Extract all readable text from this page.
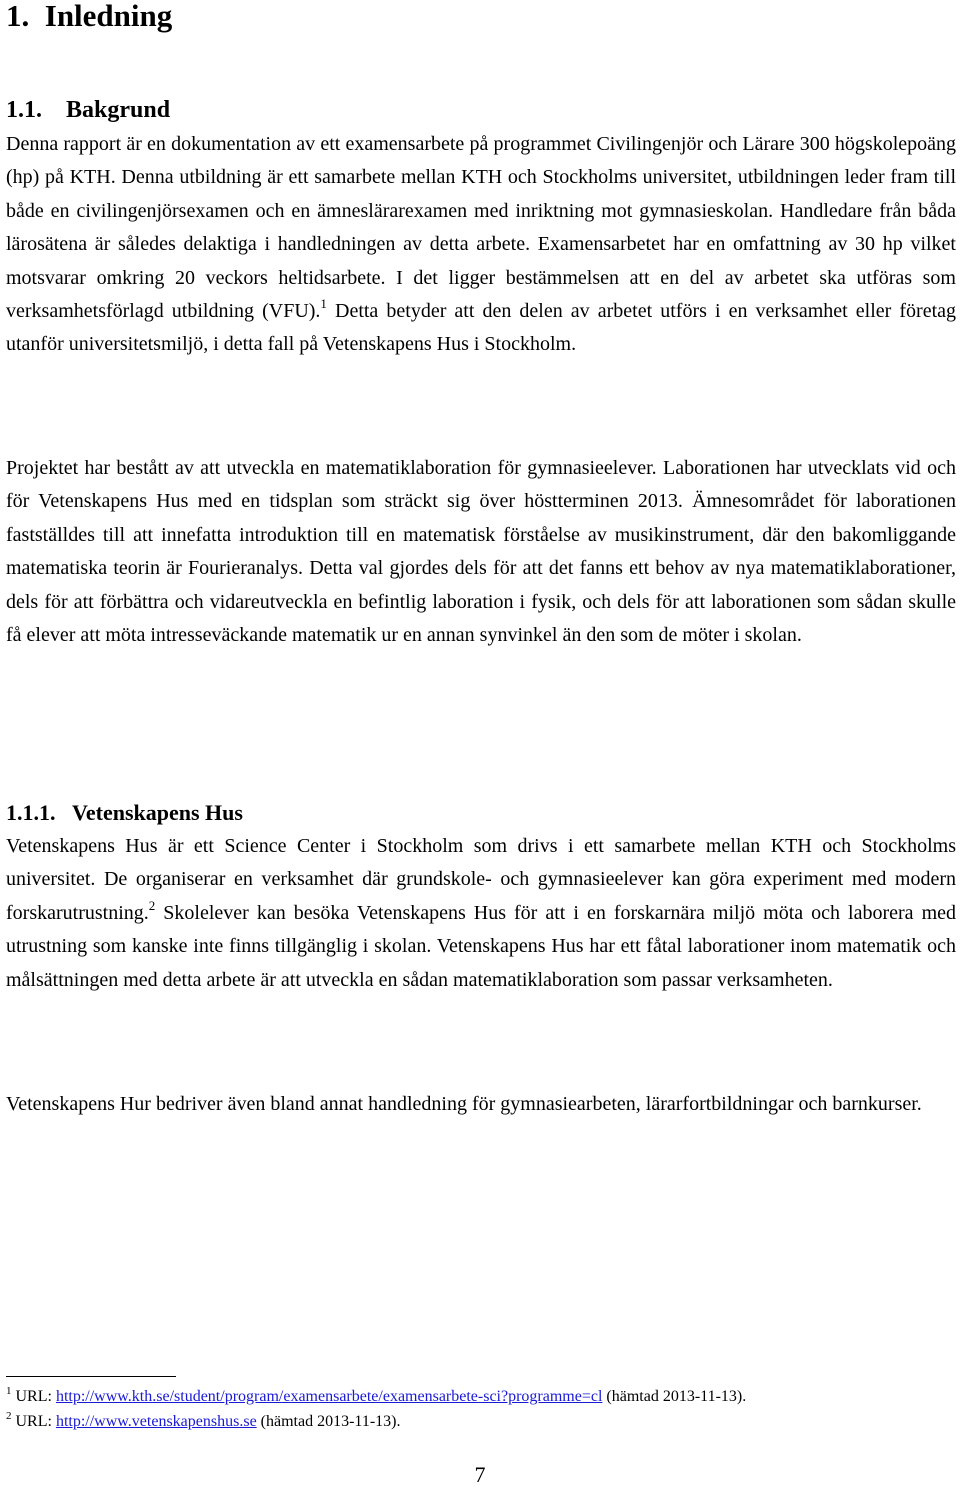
1. Inledning
1.1. Bakgrund

Denna rapport är en dokumentation av ett examensarbete på programmet Civilingenjör och Lärare 300 högskolepoäng (hp) på KTH. Denna utbildning är ett samarbete mellan KTH och Stockholms universitet, utbildningen leder fram till både en civilingenjörsexamen och en ämneslärarexamen med inriktning mot gymnasieskolan. Handledare från båda lärosätena är således delaktiga i handledningen av detta arbete. Examensarbetet har en omfattning av 30 hp vilket motsvarar omkring 20 veckors heltidsarbete. I det ligger bestämmelsen att en del av arbetet ska utföras som verksamhetsförlagd utbildning (VFU).$^1$ Detta betyder att den delen av arbetet utförs i en verksamhet eller företag utanför universitetsmiljö, i detta fall på Vetenskapens Hus i Stockholm.

Projektet har bestått av att utveckla en matematiklaboration för gymnasieelever. Laborationen har utvecklats vid och för Vetenskapens Hus med en tidsplan som sträckt sig över höstterminen 2013. Ämnesområdet för laborationen fastställdes till att innefatta introduktion till en matematisk förståelse av musikinstrument, där den bakomliggande matematiska teorin är Fourieranalys. Detta val gjordes dels för att det fanns ett behov av nya matematiklaborationer, dels för att förbättra och vidareutveckla en befintlig laboration i fysik, och dels för att laborationen som sådan skulle få elever att möta intresseväckande matematik ur en annan synvinkel än den som de möter i skolan.

1.1.1. Vetenskapens Hus

Vetenskapens Hus är ett Science Center i Stockholm som drivs i ett samarbete mellan KTH och Stockholms universitet. De organiserar en verksamhet där grundskole- och gymnasieelever kan göra experiment med modern forskarutrustning.$^2$ Skolelever kan besöka Vetenskapens Hus för att i en forskarnära miljö möta och laborera med utrustning som kanske inte finns tillgänglig i skolan. Vetenskapens Hus har ett fåtal laborationer inom matematik och målsättningen med detta arbete är att utveckla en sådan matematiklaboration som passar verksamheten.

Vetenskapens Hur bedriver även bland annat handledning för gymnasiearbeten, lärarfortbildningar och barnkurser.

$^1$ URL: http://www.kth.se/student/program/examensarbete/examensarbete-sci?programme=cl (hämtad 2013-11-13).
$^2$ URL: http://www.vetenskapenshus.se (hämtad 2013-11-13).
7
